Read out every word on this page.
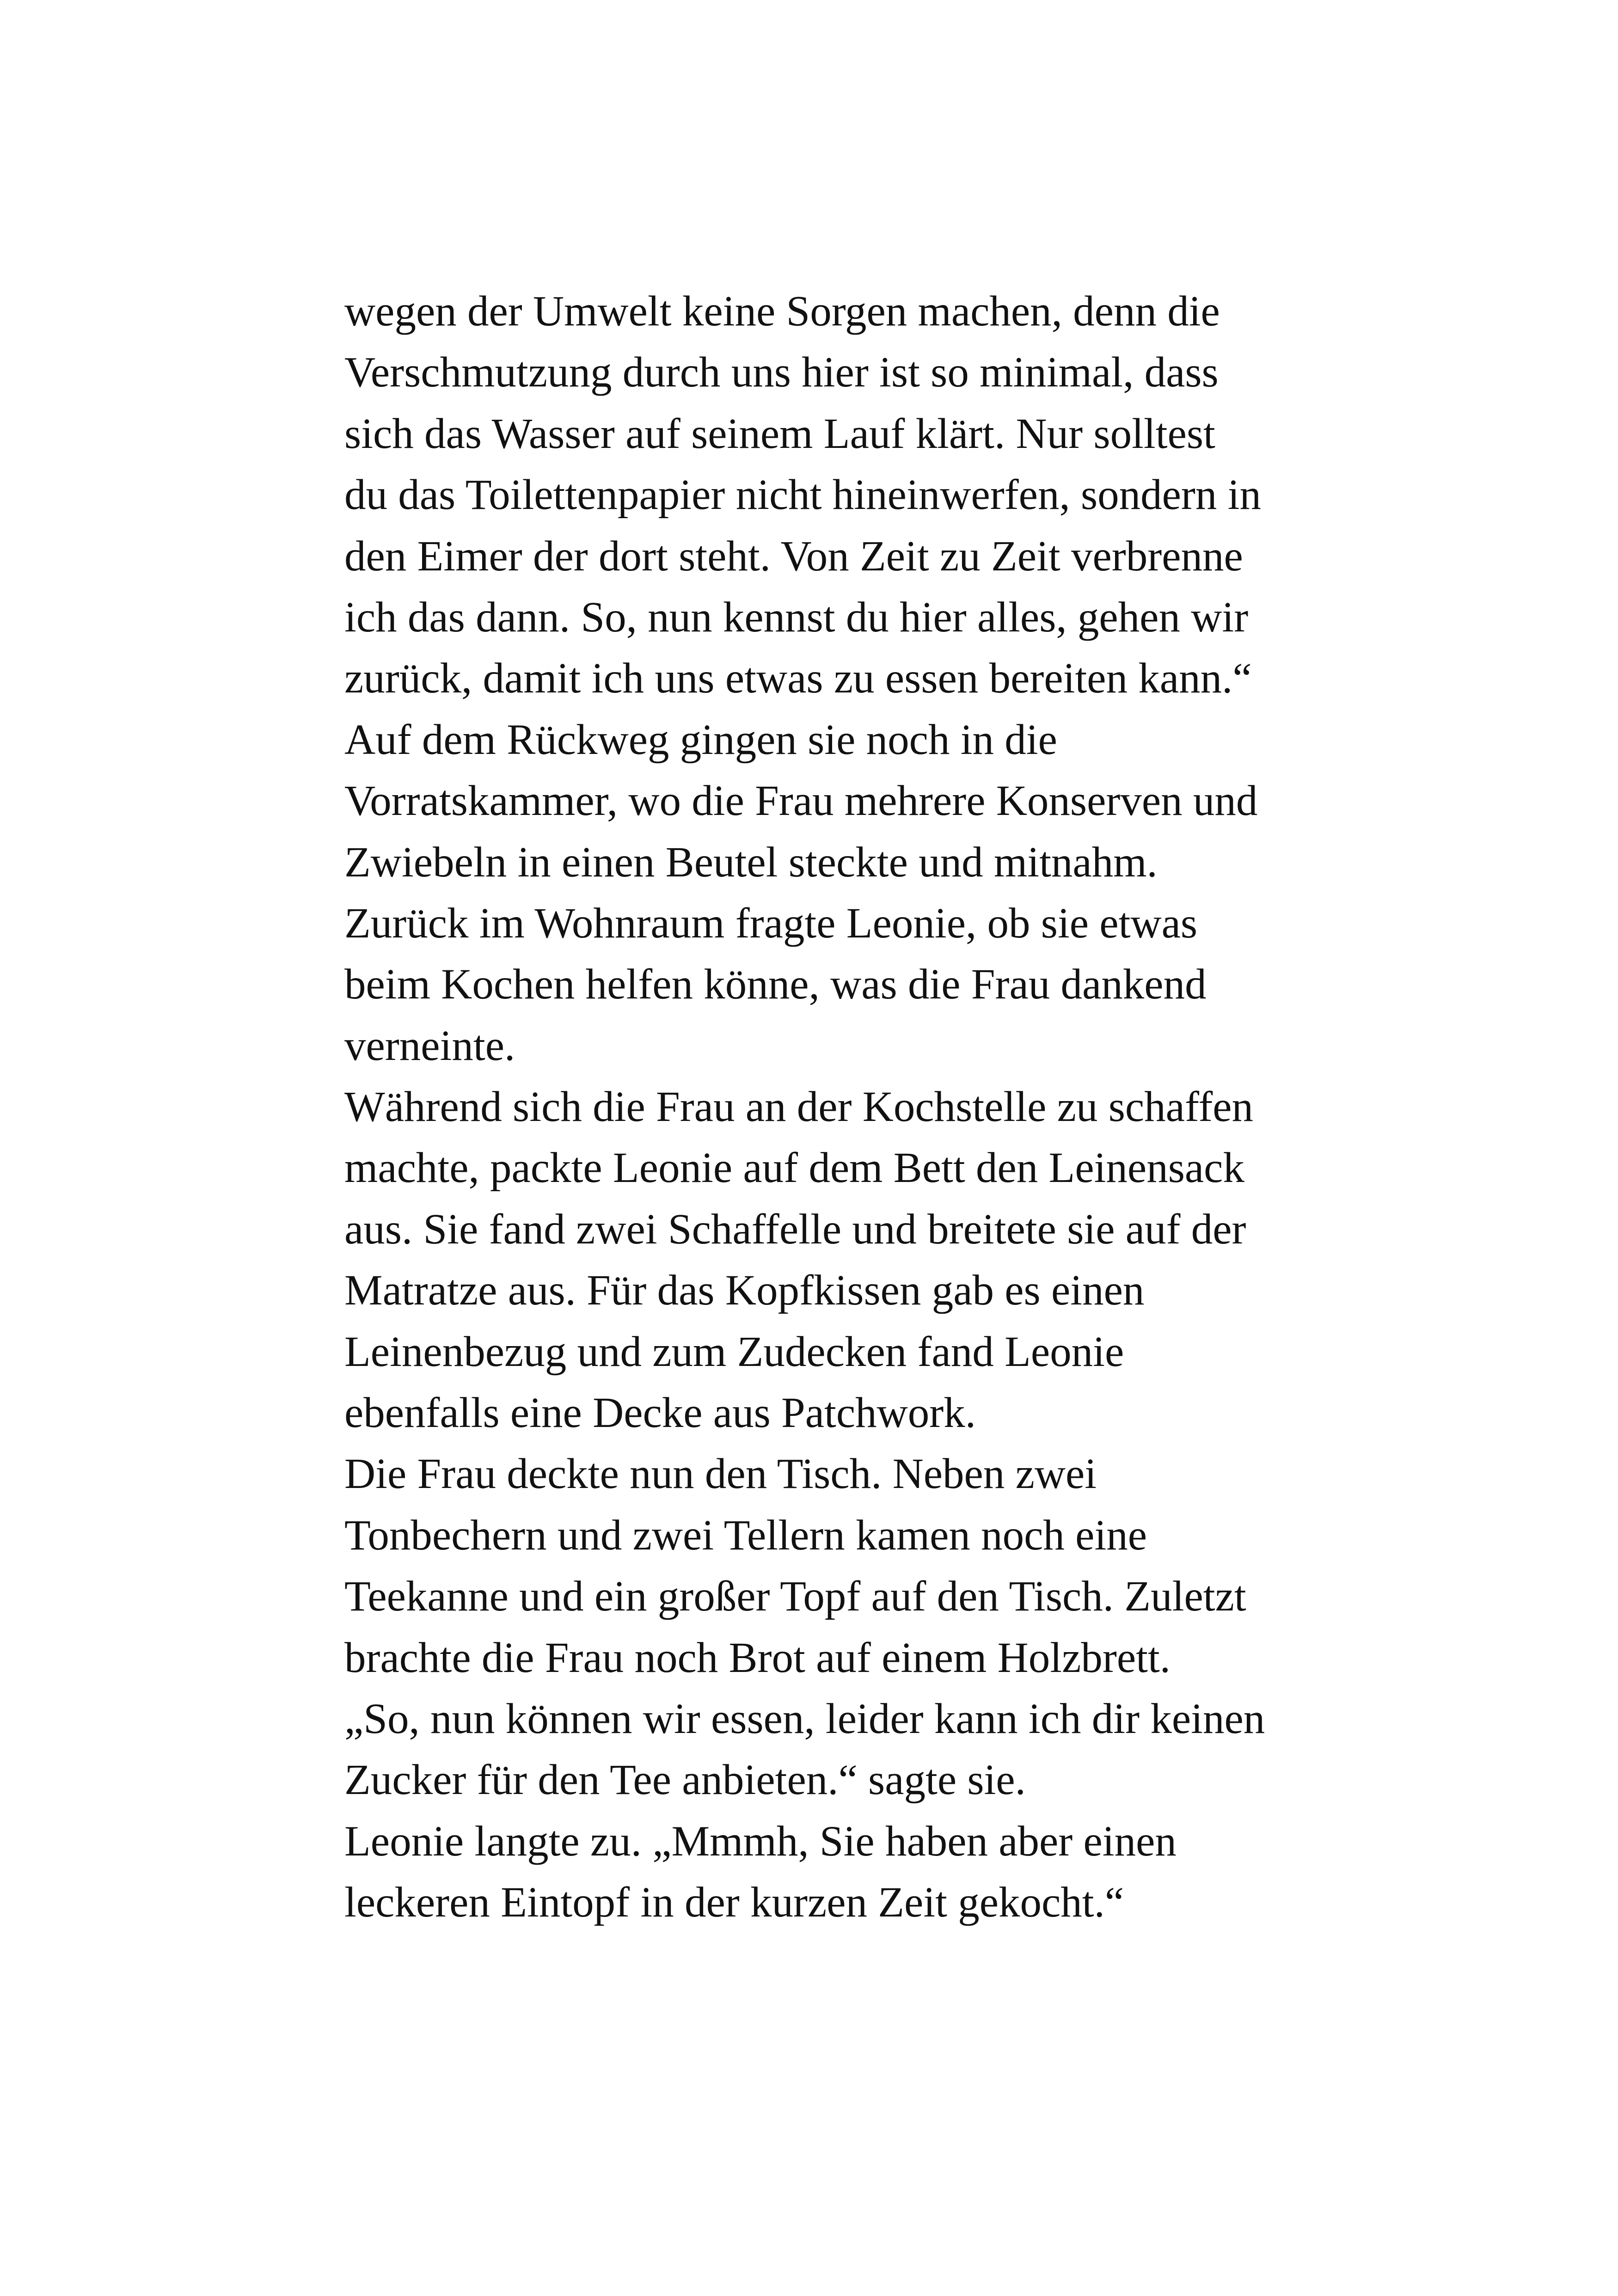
wegen der Umwelt keine Sorgen machen, denn die
Verschmutzung durch uns hier ist so minimal, dass
sich das Wasser auf seinem Lauf klärt. Nur solltest
du das Toilettenpapier nicht hineinwerfen, sondern in
den Eimer der dort steht. Von Zeit zu Zeit verbrenne
ich das dann. So, nun kennst du hier alles, gehen wir
zurück, damit ich uns etwas zu essen bereiten kann.“
Auf dem Rückweg gingen sie noch in die
Vorratskammer, wo die Frau mehrere Konserven und
Zwiebeln in einen Beutel steckte und mitnahm.
Zurück im Wohnraum fragte Leonie, ob sie etwas
beim Kochen helfen könne, was die Frau dankend
verneinte.
Während sich die Frau an der Kochstelle zu schaffen
machte, packte Leonie auf dem Bett den Leinensack
aus. Sie fand zwei Schaffelle und breitete sie auf der
Matratze aus. Für das Kopfkissen gab es einen
Leinenbezug und zum Zudecken fand Leonie
ebenfalls eine Decke aus Patchwork.
Die Frau deckte nun den Tisch. Neben zwei
Tonbechern und zwei Tellern kamen noch eine
Teekanne und ein großer Topf auf den Tisch. Zuletzt
brachte die Frau noch Brot auf einem Holzbrett.
„So, nun können wir essen, leider kann ich dir keinen
Zucker für den Tee anbieten.“ sagte sie.
Leonie langte zu. „Mmmh, Sie haben aber einen
leckeren Eintopf in der kurzen Zeit gekocht.“
